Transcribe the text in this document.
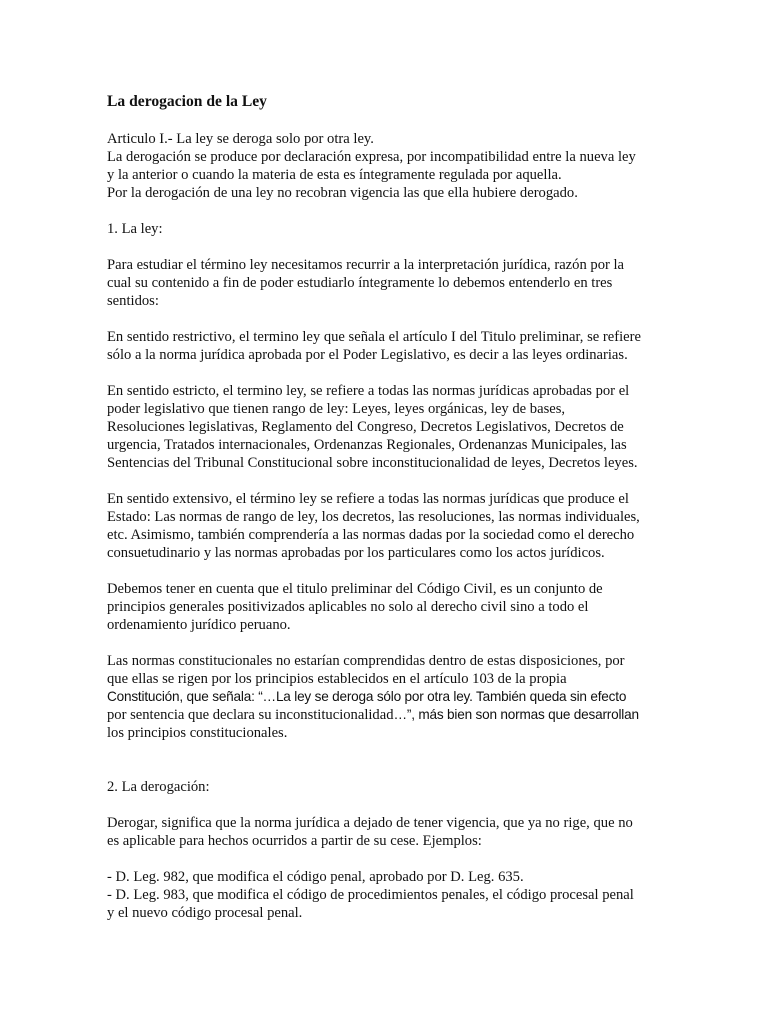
La derogacion de la Ley

Articulo I.- La ley se deroga solo por otra ley.
La derogación se produce por declaración expresa, por incompatibilidad entre la nueva ley
y la anterior o cuando la materia de esta es íntegramente regulada por aquella.
Por la derogación de una ley no recobran vigencia las que ella hubiere derogado.

1. La ley:

Para estudiar el término ley necesitamos recurrir a la interpretación jurídica, razón por la
cual su contenido a fin de poder estudiarlo íntegramente lo debemos entenderlo en tres
sentidos:

En sentido restrictivo, el termino ley que señala el artículo I del Titulo preliminar, se refiere
sólo a la norma jurídica aprobada por el Poder Legislativo, es decir a las leyes ordinarias.

En sentido estricto, el termino ley, se refiere a todas las normas jurídicas aprobadas por el
poder legislativo que tienen rango de ley: Leyes, leyes orgánicas, ley de bases,
Resoluciones legislativas, Reglamento del Congreso, Decretos Legislativos, Decretos de
urgencia, Tratados internacionales, Ordenanzas Regionales, Ordenanzas Municipales, las
Sentencias del Tribunal Constitucional sobre inconstitucionalidad de leyes, Decretos leyes.

En sentido extensivo, el término ley se refiere a todas las normas jurídicas que produce el
Estado: Las normas de rango de ley, los decretos, las resoluciones, las normas individuales,
etc. Asimismo, también comprendería a las normas dadas por la sociedad como el derecho
consuetudinario y las normas aprobadas por los particulares como los actos jurídicos.

Debemos tener en cuenta que el titulo preliminar del Código Civil, es un conjunto de
principios generales positivizados aplicables no solo al derecho civil sino a todo el
ordenamiento jurídico peruano.

Las normas constitucionales no estarían comprendidas dentro de estas disposiciones, por
que ellas se rigen por los principios establecidos en el artículo 103 de la propia
Constitución, que señala: “…La ley se deroga sólo por otra ley. También queda sin efecto
por sentencia que declara su inconstitucionalidad…”, más bien son normas que desarrollan
los principios constitucionales.

2. La derogación:

Derogar, significa que la norma jurídica a dejado de tener vigencia, que ya no rige, que no
es aplicable para hechos ocurridos a partir de su cese. Ejemplos:

- D. Leg. 982, que modifica el código penal, aprobado por D. Leg. 635.
- D. Leg. 983, que modifica el código de procedimientos penales, el código procesal penal
y el nuevo código procesal penal.
